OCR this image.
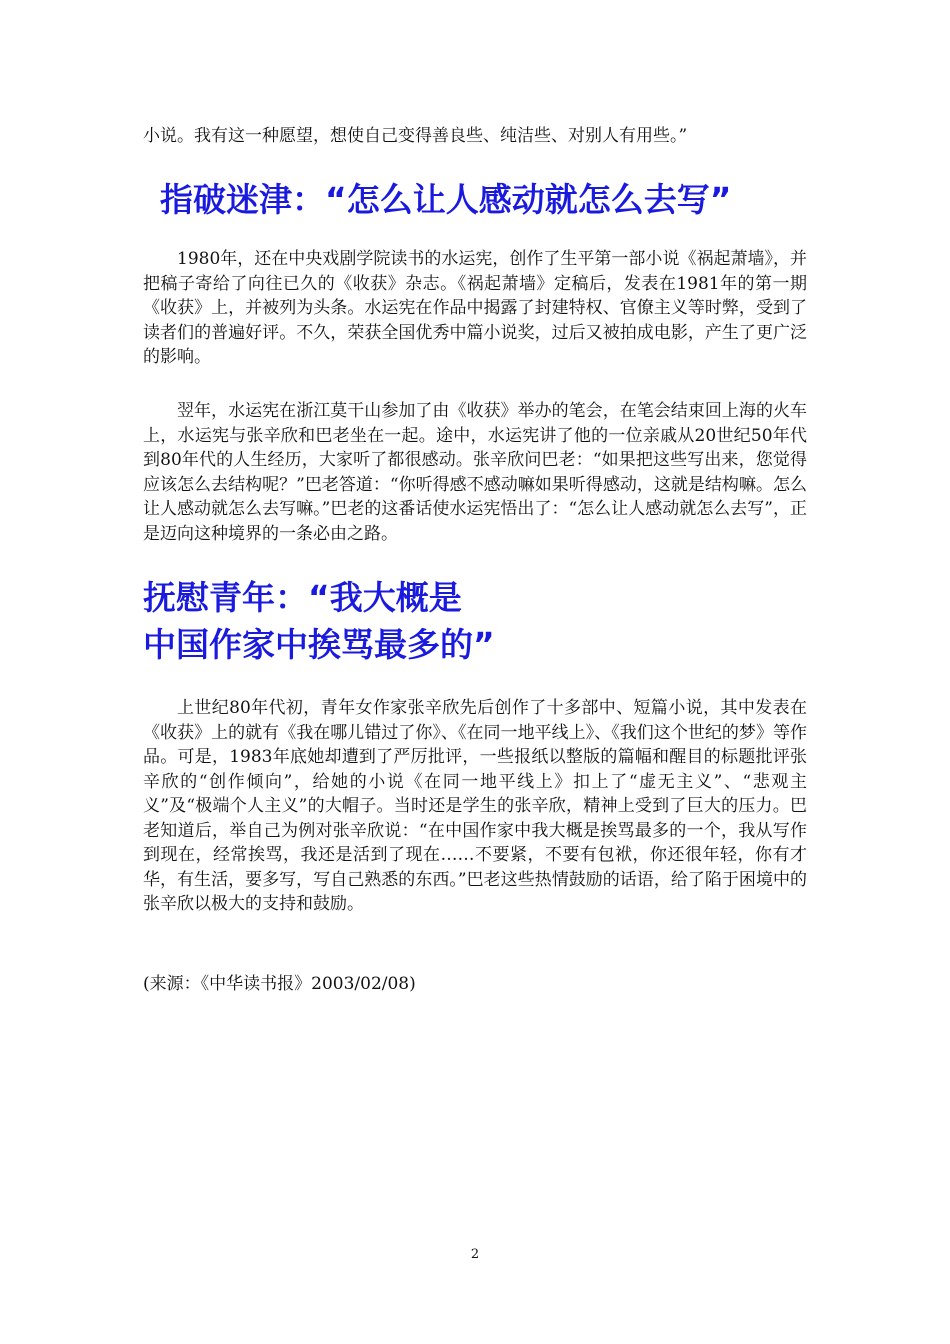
小说。我有这一种愿望，想使自己变得善良些、纯洁些、对别人有用些。”

指破迷津：“怎么让人感动就怎么去写”

1980年，还在中央戏剧学院读书的水运宪，创作了生平第一部小说《祸起萧墙》，并把稿子寄给了向往已久的《收获》杂志。《祸起萧墙》定稿后，发表在1981年的第一期《收获》上，并被列为头条。水运宪在作品中揭露了封建特权、官僚主义等时弊，受到了读者们的普遍好评。不久，荣获全国优秀中篇小说奖，过后又被拍成电影，产生了更广泛的影响。

翌年，水运宪在浙江莫干山参加了由《收获》举办的笔会，在笔会结束回上海的火车上，水运宪与张辛欣和巴老坐在一起。途中，水运宪讲了他的一位亲戚从20世纪50年代到80年代的人生经历，大家听了都很感动。张辛欣问巴老：“如果把这些写出来，您觉得应该怎么去结构呢？”巴老答道：“你听得感不感动嘛如果听得感动，这就是结构嘛。怎么让人感动就怎么去写嘛。”巴老的这番话使水运宪悟出了：“怎么让人感动就怎么去写”，正是迈向这种境界的一条必由之路。

抚慰青年：“我大概是
中国作家中挨骂最多的”

上世纪80年代初，青年女作家张辛欣先后创作了十多部中、短篇小说，其中发表在《收获》上的就有《我在哪儿错过了你》、《在同一地平线上》、《我们这个世纪的梦》等作品。可是，1983年底她却遭到了严厉批评，一些报纸以整版的篇幅和醒目的标题批评张辛欣的“创作倾向”，给她的小说《在同一地平线上》扣上了“虚无主义”、“悲观主义”及“极端个人主义”的大帽子。当时还是学生的张辛欣，精神上受到了巨大的压力。巴老知道后，举自己为例对张辛欣说：“在中国作家中我大概是挨骂最多的一个，我从写作到现在，经常挨骂，我还是活到了现在……不要紧，不要有包袱，你还很年轻，你有才华，有生活，要多写，写自己熟悉的东西。”巴老这些热情鼓励的话语，给了陷于困境中的张辛欣以极大的支持和鼓励。

(来源：《中华读书报》2003/02/08)

2
